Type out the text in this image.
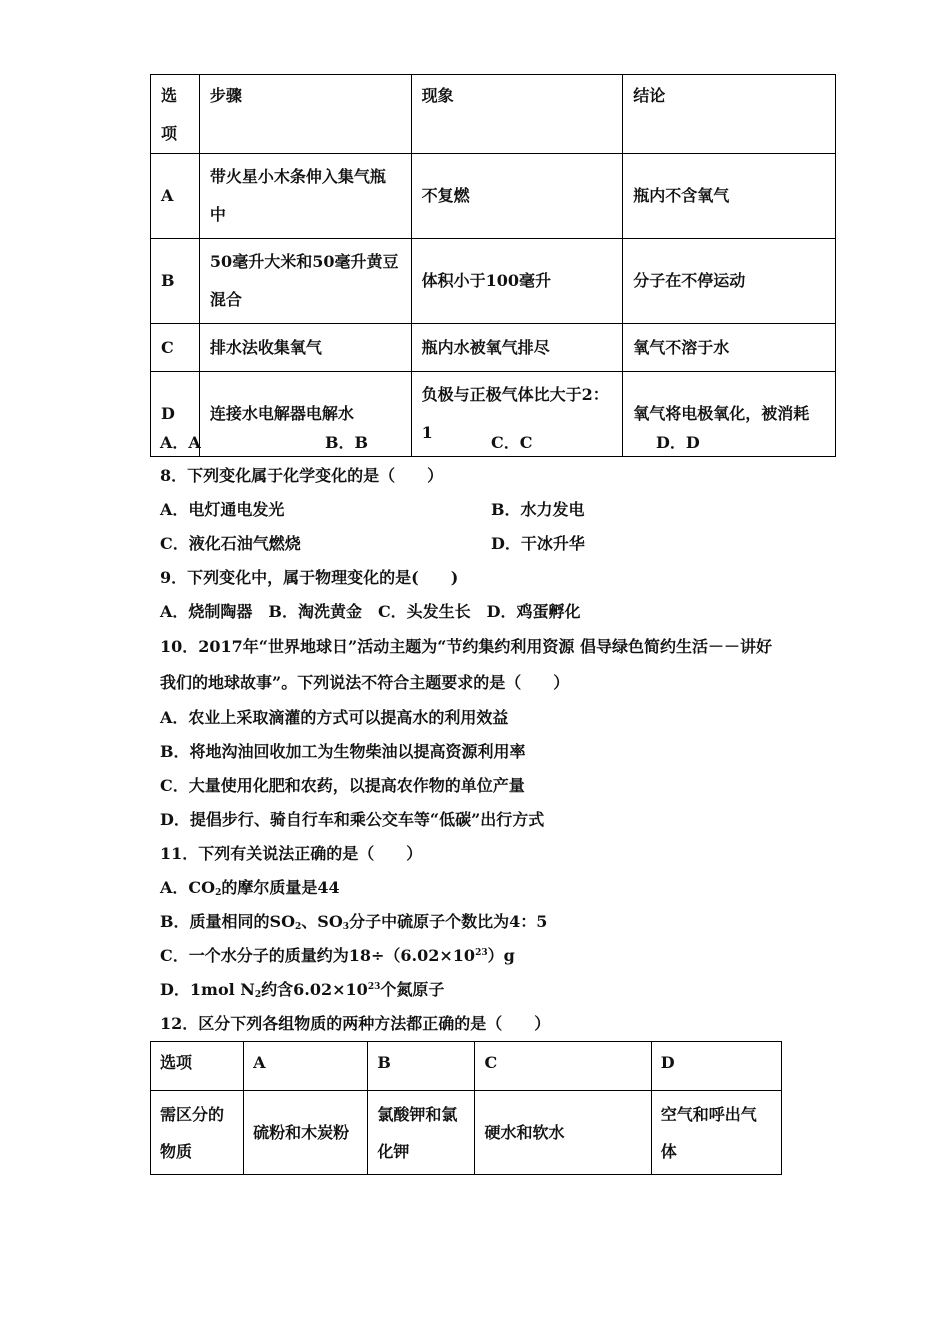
选项	步骤	现象	结论
A	带火星小木条伸入集气瓶中	不复燃	瓶内不含氧气
B	50毫升大米和50毫升黄豆混合	体积小于100毫升	分子在不停运动
C	排水法收集氧气	瓶内水被氧气排尽	氧气不溶于水
D	连接水电解器电解水	负极与正极气体比大于2：1	氧气将电极氧化，被消耗
A．A	B．B	C．C	D．D
8．下列变化属于化学变化的是（　　）
A．电灯通电发光	B．水力发电
C．液化石油气燃烧	D．干冰升华
9．下列变化中，属于物理变化的是(　　)
A．烧制陶器　B．淘洗黄金　C．头发生长　D．鸡蛋孵化
10．2017年“世界地球日”活动主题为“节约集约利用资源 倡导绿色简约生活－－讲好
我们的地球故事”。下列说法不符合主题要求的是（　　）
A．农业上采取滴灌的方式可以提高水的利用效益
B．将地沟油回收加工为生物柴油以提高资源利用率
C．大量使用化肥和农药，以提高农作物的单位产量
D．提倡步行、骑自行车和乘公交车等“低碳”出行方式
11．下列有关说法正确的是（　　）
A．$CO_2$的摩尔质量是44
B．质量相同的$SO_2$、$SO_3$分子中硫原子个数比为4：5
C．一个水分子的质量约为$18\div(6.02\times 10^{23})g$
D．1mol $N_2$约含$6.02\times 10^{23}$个氮原子
12．区分下列各组物质的两种方法都正确的是（　　）
选项	A	B	C	D
需区分的物质	硫粉和木炭粉	氯酸钾和氯化钾	硬水和软水	空气和呼出气体
